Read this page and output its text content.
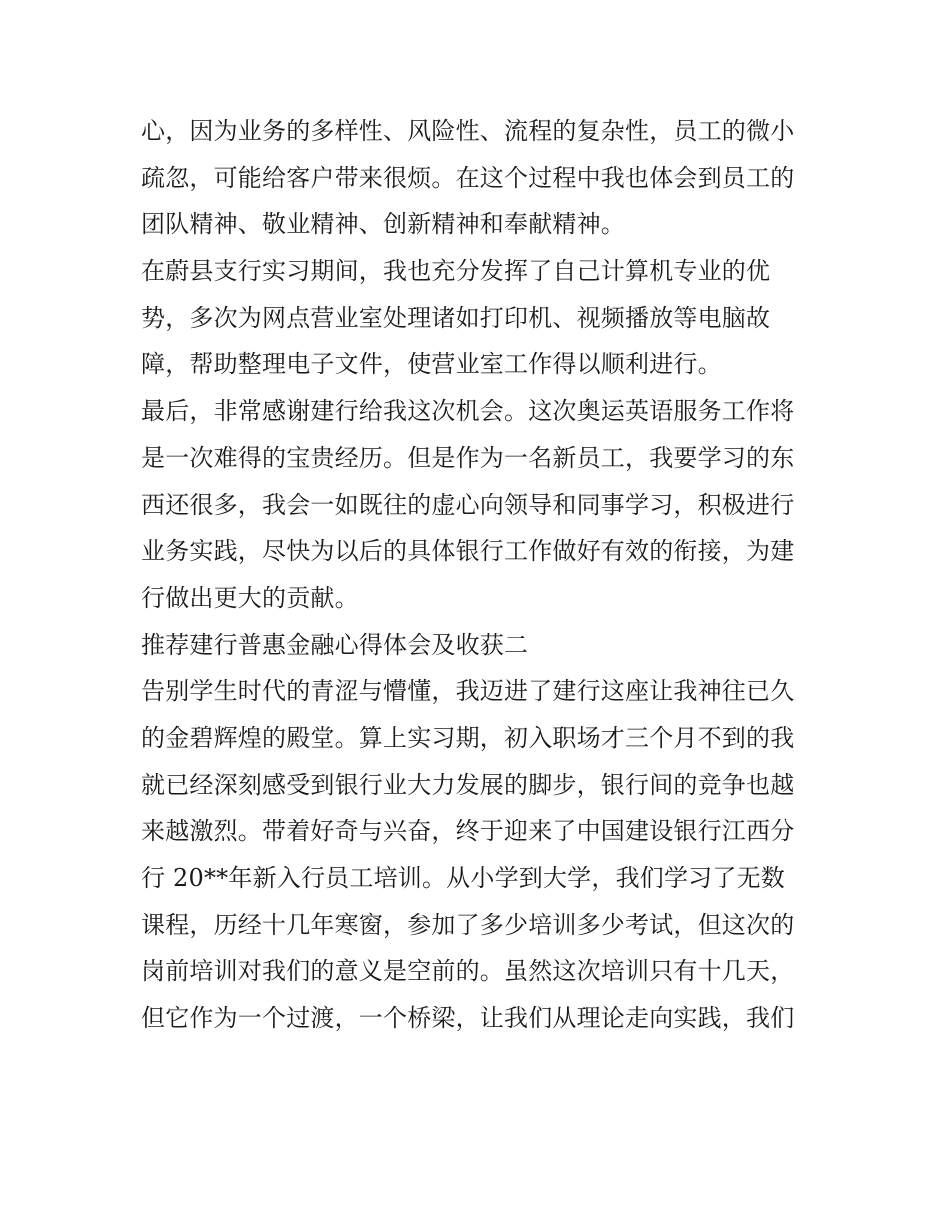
心，因为业务的多样性、风险性、流程的复杂性，员工的微小
疏忽，可能给客户带来很烦。在这个过程中我也体会到员工的
团队精神、敬业精神、创新精神和奉献精神。
在蔚县支行实习期间，我也充分发挥了自己计算机专业的优
势，多次为网点营业室处理诸如打印机、视频播放等电脑故
障，帮助整理电子文件，使营业室工作得以顺利进行。
最后，非常感谢建行给我这次机会。这次奥运英语服务工作将
是一次难得的宝贵经历。但是作为一名新员工，我要学习的东
西还很多，我会一如既往的虚心向领导和同事学习，积极进行
业务实践，尽快为以后的具体银行工作做好有效的衔接，为建
行做出更大的贡献。
推荐建行普惠金融心得体会及收获二
告别学生时代的青涩与懵懂，我迈进了建行这座让我神往已久
的金碧辉煌的殿堂。算上实习期，初入职场才三个月不到的我
就已经深刻感受到银行业大力发展的脚步，银行间的竞争也越
来越激烈。带着好奇与兴奋，终于迎来了中国建设银行江西分
行 20**年新入行员工培训。从小学到大学，我们学习了无数
课程，历经十几年寒窗，参加了多少培训多少考试，但这次的
岗前培训对我们的意义是空前的。虽然这次培训只有十几天，
但它作为一个过渡，一个桥梁，让我们从理论走向实践，我们
